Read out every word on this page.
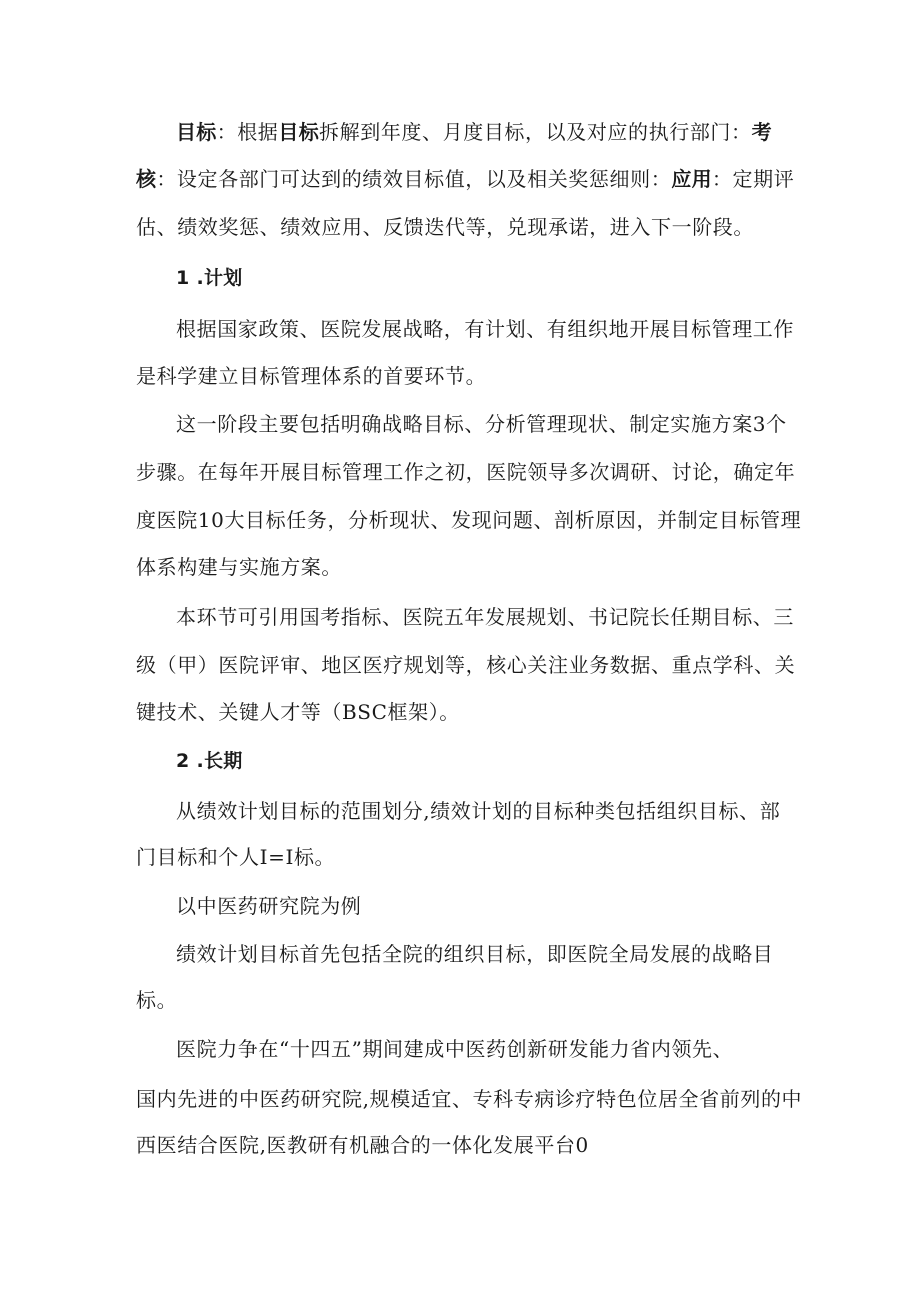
目标：根据目标拆解到年度、月度目标，以及对应的执行部门：考
核：设定各部门可达到的绩效目标值，以及相关奖惩细则：应用：定期评
估、绩效奖惩、绩效应用、反馈迭代等，兑现承诺，进入下一阶段。
1 .计划
根据国家政策、医院发展战略，有计划、有组织地开展目标管理工作
是科学建立目标管理体系的首要环节。
这一阶段主要包括明确战略目标、分析管理现状、制定实施方案3个
步骤。在每年开展目标管理工作之初，医院领导多次调研、讨论，确定年
度医院10大目标任务，分析现状、发现问题、剖析原因，并制定目标管理
体系构建与实施方案。
本环节可引用国考指标、医院五年发展规划、书记院长任期目标、三
级（甲）医院评审、地区医疗规划等，核心关注业务数据、重点学科、关
键技术、关键人才等（BSC框架）。
2 .长期
从绩效计划目标的范围划分,绩效计划的目标种类包括组织目标、部
门目标和个人I=I标。
以中医药研究院为例
绩效计划目标首先包括全院的组织目标，即医院全局发展的战略目
标。
医院力争在“十四五”期间建成中医药创新研发能力省内领先、
国内先进的中医药研究院,规模适宜、专科专病诊疗特色位居全省前列的中
西医结合医院,医教研有机融合的一体化发展平台0
